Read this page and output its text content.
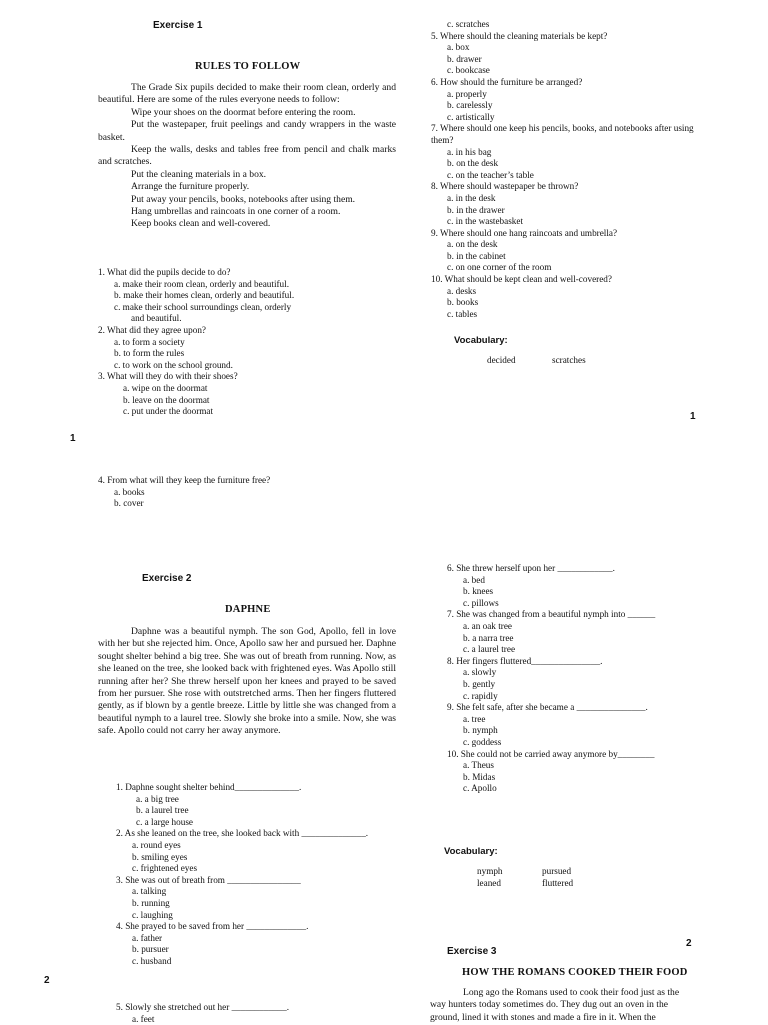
Exercise 1
RULES TO FOLLOW

The Grade Six pupils decided to make their room clean, orderly and beautiful. Here are some of the rules everyone needs to follow:

Wipe your shoes on the doormat before entering the room.

Put the wastepaper, fruit peelings and candy wrappers in the waste basket.

Keep the walls, desks and tables free from pencil and chalk marks and scratches.

Put the cleaning materials in a box.

Arrange the furniture properly.

Put away your pencils, books, notebooks after using them.

Hang umbrellas and raincoats in one corner of a room.

Keep books clean and well-covered.

1. What did the pupils decide to do?
a. make their room clean, orderly and beautiful.
b. make their homes clean, orderly and beautiful.
c. make their school surroundings clean, orderly
and beautiful.
2. What did they agree upon?
a. to form a society
b. to form the rules
c. to work on the school ground.
3. What will they do with their shoes?
a. wipe on the doormat
b. leave on the doormat
c. put under the doormat
1
4. From what will they keep the furniture free?
a. books
b. cover
c. scratches
5. Where should the cleaning materials be kept?
a. box
b. drawer
c. bookcase
6. How should the furniture be arranged?
a. properly
b. carelessly
c. artistically
7. Where should one keep his pencils, books, and notebooks after using
them?
a. in his bag
b. on the desk
c. on the teacher’s table
8. Where should wastepaper be thrown?
a. in the desk
b. in the drawer
c. in the wastebasket
9. Where should one hang raincoats and umbrella?
a. on the desk
b. in the cabinet
c. on one corner of the room
10. What should be kept clean and well-covered?
a. desks
b. books
c. tables
Vocabulary:
decided	scratches
1
Exercise 2
DAPHNE
Daphne was a beautiful nymph. The son God, Apollo, fell in love with her but she rejected him. Once, Apollo saw her and pursued her. Daphne sought shelter behind a big tree. She was out of breath from running. Now, as she leaned on the tree, she looked back with frightened eyes. Was Apollo still running after her? She threw herself upon her knees and prayed to be saved from her pursuer. She rose with outstretched arms. Then her fingers fluttered gently, as if blown by a gentle breeze. Little by little she was changed from a beautiful nymph to a laurel tree. Slowly she broke into a smile. Now, she was safe. Apollo could not carry her away anymore.
1. Daphne sought shelter behind______________.
a. a big tree
b. a laurel tree
c. a large house
2. As she leaned on the tree, she looked back with ______________.
a. round eyes
b. smiling eyes
c. frightened eyes
3. She was out of breath from ________________
a. talking
b. running
c. laughing
4. She prayed to be saved from her _____________.
a. father
b. pursuer
c. husband
2
5. Slowly she stretched out her ____________.
a. feet
6. She threw herself upon her ____________.
a. bed
b. knees
c. pillows
7. She was changed from a beautiful nymph into ______
a. an oak tree
b. a narra tree
c. a laurel tree
8. Her fingers fluttered_______________.
a. slowly
b. gently
c. rapidly
9. She felt safe, after she became a _______________.
a. tree
b. nymph
c. goddess
10. She could not be carried away anymore by________
a. Theus
b. Midas
c. Apollo
Vocabulary:
nymph
leaned
pursued
fluttered
2
Exercise 3
HOW THE ROMANS COOKED THEIR FOOD
Long ago the Romans used to cook their food just as the
way hunters today sometimes do. They dug out an oven in the
ground, lined it with stones and made a fire in it. When the
